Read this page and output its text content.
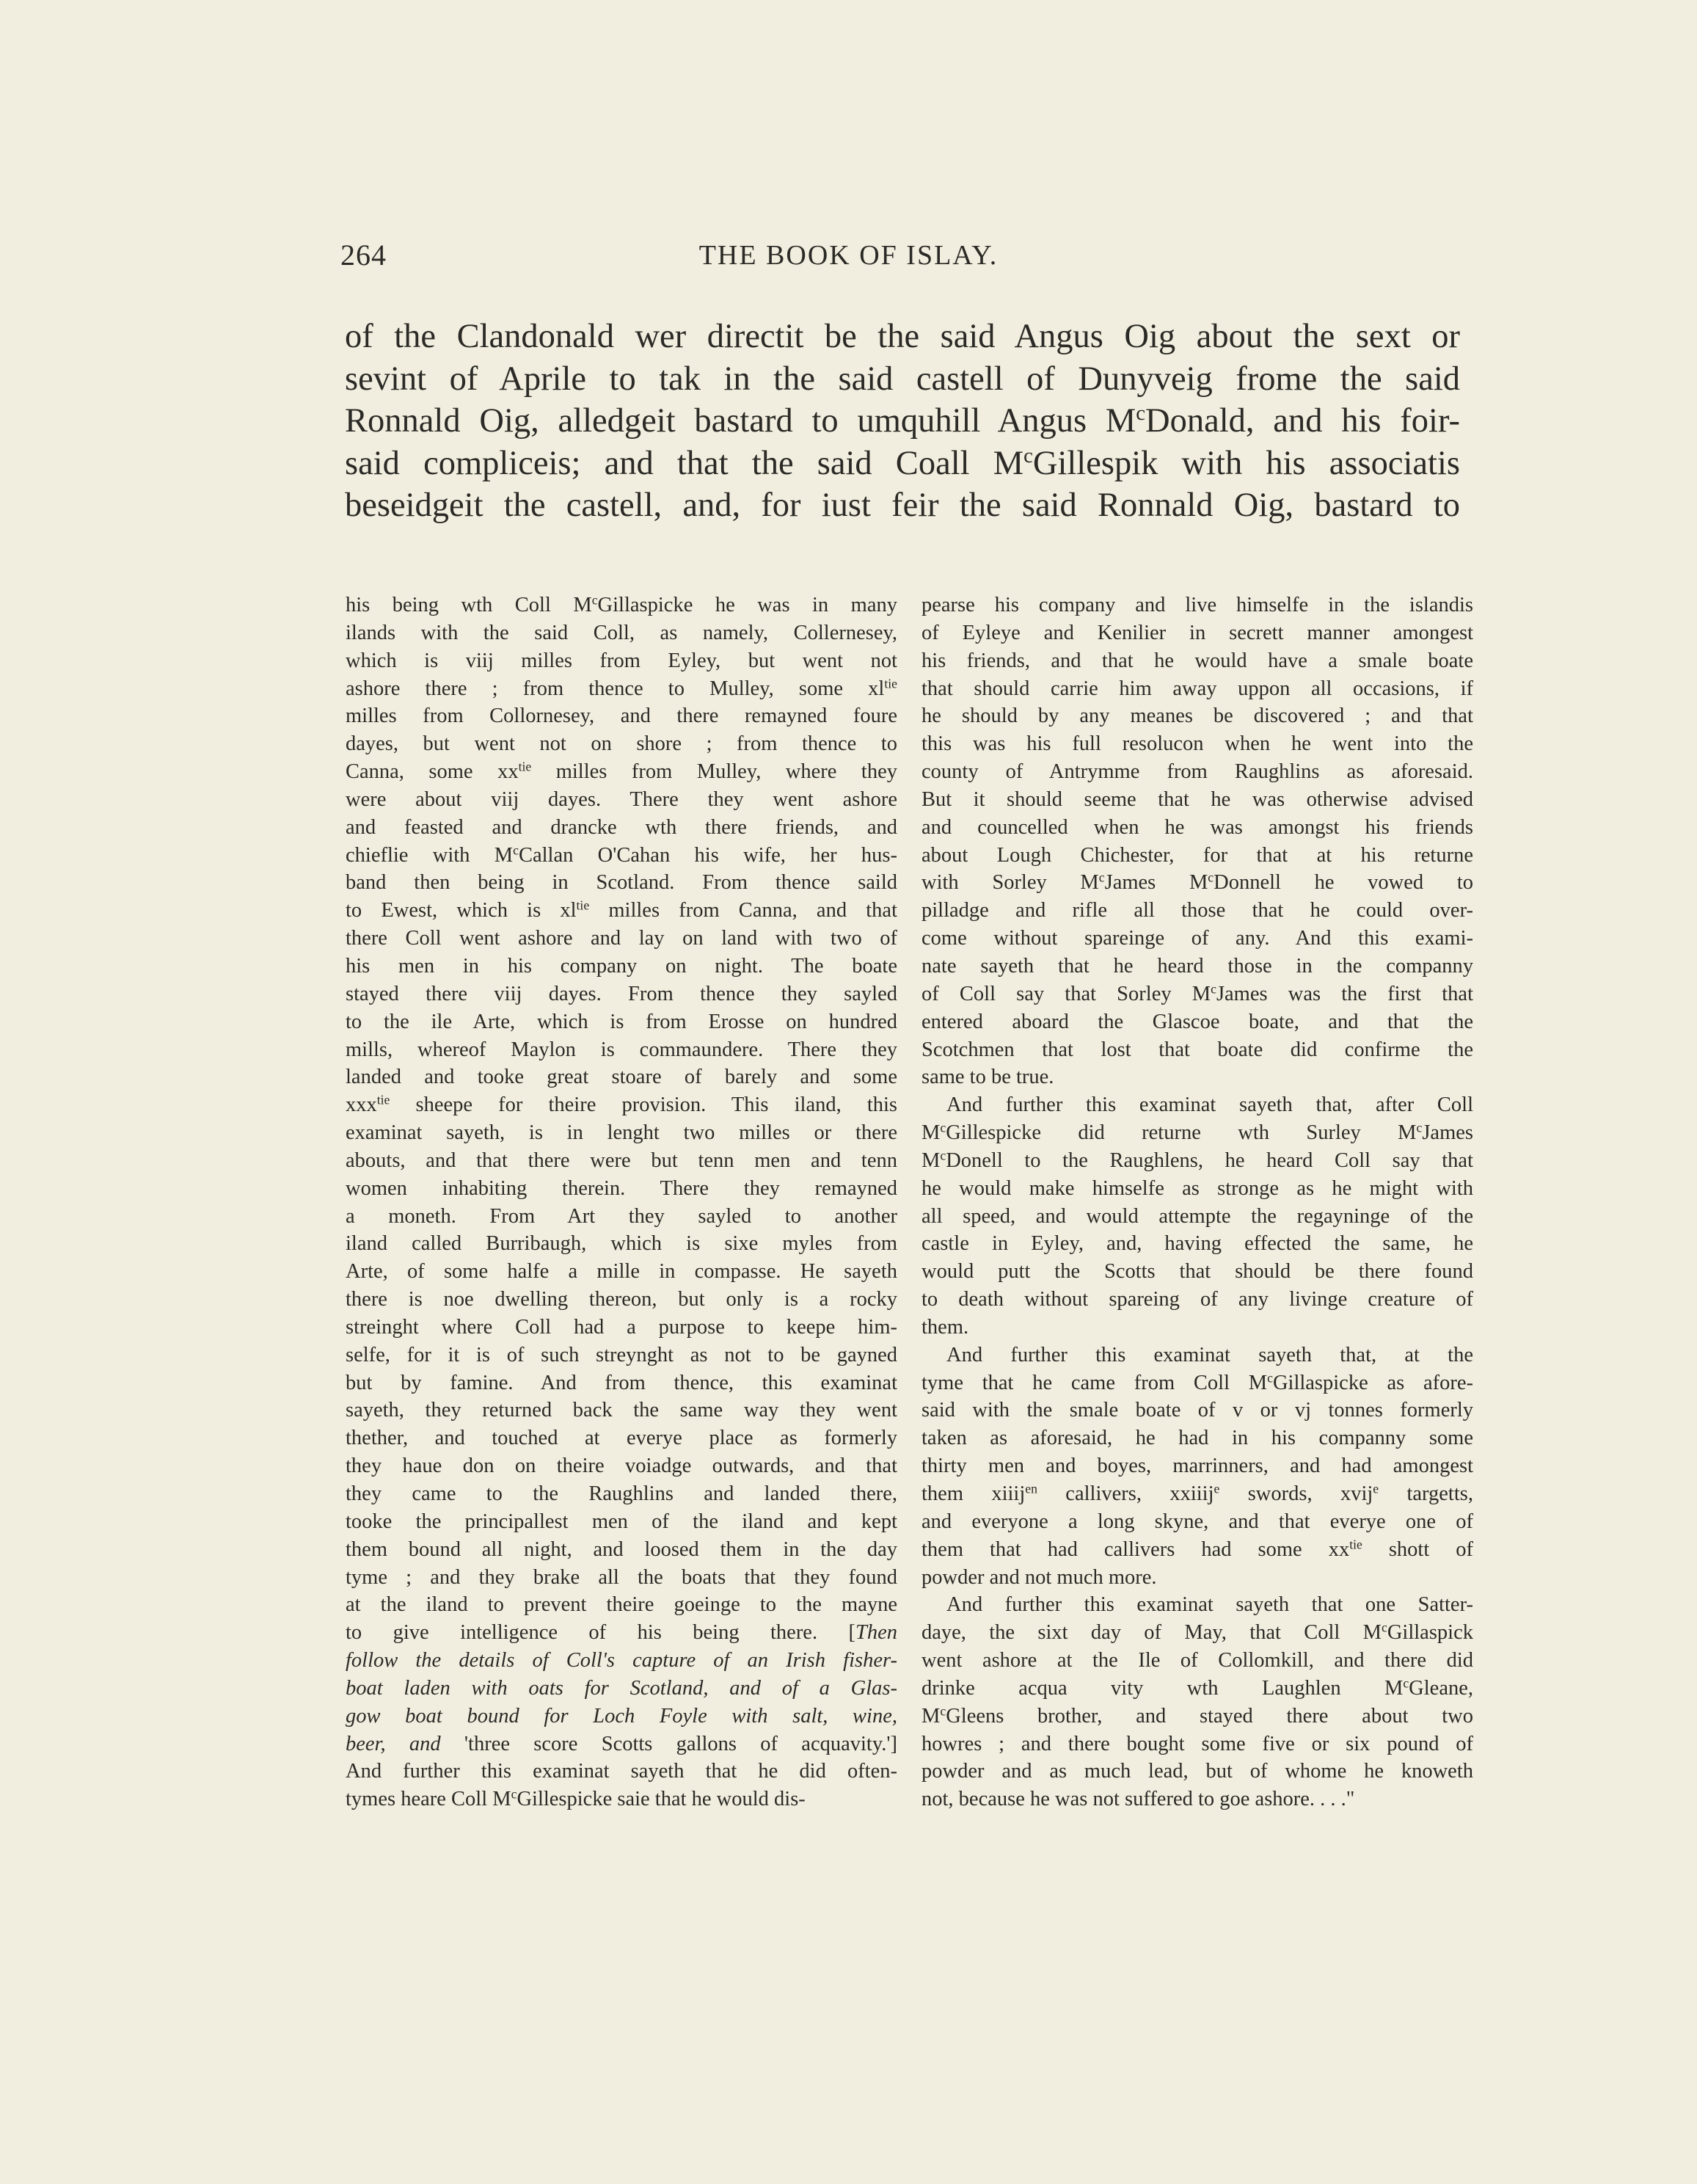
264	THE BOOK OF ISLAY.
of the Clandonald wer directit be the said Angus Oig about the sext or
sevint of Aprile to tak in the said castell of Dunyveig frome the said
Ronnald Oig, alledgeit bastard to umquhill Angus $M^cDonald$, and his foir-
said compliceis; and that the said Coall $M^cGillespik$ with his associatis
beseidgeit the castell, and, for iust feir the said Ronnald Oig, bastard to
his being wth Coll $M^cGillaspicke$ he was in many
ilands with the said Coll, as namely, Collernesey,
which is viij milles from Eyley, but went not
ashore there ; from thence to Mulley, some $xl^{tie}$
milles from Collornesey, and there remayned foure
dayes, but went not on shore ; from thence to
Canna, some $xx^{tie}$ milles from Mulley, where they
were about viij dayes. There they went ashore
and feasted and drancke wth there friends, and
chieflie with $M^cCallan$ O'Cahan his wife, her hus-
band then being in Scotland. From thence saild
to Ewest, which is $xl^{tie}$ milles from Canna, and that
there Coll went ashore and lay on land with two of
his men in his company on night. The boate
stayed there viij dayes. From thence they sayled
to the ile Arte, which is from Erosse on hundred
mills, whereof Maylon is commaundere. There they
landed and tooke great stoare of barely and some
xxx$^{tie}$ sheepe for theire provision. This iland, this
examinat sayeth, is in lenght two milles or there
abouts, and that there were but tenn men and tenn
women inhabiting therein. There they remayned
a moneth. From Art they sayled to another
iland called Burribaugh, which is sixe myles from
Arte, of some halfe a mille in compasse. He sayeth
there is noe dwelling thereon, but only is a rocky
streinght where Coll had a purpose to keepe him-
selfe, for it is of such streynght as not to be gayned
but by famine. And from thence, this examinat
sayeth, they returned back the same way they went
thether, and touched at everye place as formerly
they haue don on theire voiadge outwards, and that
they came to the Raughlins and landed there,
tooke the principallest men of the iland and kept
them bound all night, and loosed them in the day
tyme ; and they brake all the boats that they found
at the iland to prevent theire goeinge to the mayne
to give intelligence of his being there. [Then
follow the details of Coll's capture of an Irish fisher-
boat laden with oats for Scotland, and of a Glas-
gow boat bound for Loch Foyle with salt, wine,
beer, and 'three score Scotts gallons of acquavity.']
And further this examinat sayeth that he did often-
tymes heare Coll $M^cGillespicke$ saie that he would dis-
pearse his company and live himselfe in the islandis
of Eyleye and Kenilier in secrett manner amongest
his friends, and that he would have a smale boate
that should carrie him away uppon all occasions, if
he should by any meanes be discovered ; and that
this was his full resolucon when he went into the
county of Antrymme from Raughlins as aforesaid.
But it should seeme that he was otherwise advised
and councelled when he was amongst his friends
about Lough Chichester, for that at his returne
with Sorley $M^cJames$ $M^cDonnell$ he vowed to
pilladge and rifle all those that he could over-
come without spareinge of any. And this exami-
nate sayeth that he heard those in the companny
of Coll say that Sorley $M^cJames$ was the first that
entered aboard the Glascoe boate, and that the
Scotchmen that lost that boate did confirme the
same to be true.
And further this examinat sayeth that, after Coll
$M^cGillespicke$ did returne wth Surley $M^cJames$
$M^cDonell$ to the Raughlens, he heard Coll say that
he would make himselfe as stronge as he might with
all speed, and would attempte the regayninge of the
castle in Eyley, and, having effected the same, he
would putt the Scotts that should be there found
to death without spareing of any livinge creature of
them.
And further this examinat sayeth that, at the
tyme that he came from Coll $M^cGillaspicke$ as afore-
said with the smale boate of v or vj tonnes formerly
taken as aforesaid, he had in his companny some
thirty men and boyes, marrinners, and had amongest
them xiiij$^{en}$ callivers, xxiiij$^e$ swords, xvij$^e$ targetts,
and everyone a long skyne, and that everye one of
them that had callivers had some $xx^{tie}$ shott of
powder and not much more.
And further this examinat sayeth that one Satter-
daye, the sixt day of May, that Coll $M^cGillaspick$
went ashore at the Ile of Collomkill, and there did
drinke acqua vity wth Laughlen $M^cGleane$,
$M^cGleens$ brother, and stayed there about two
howres ; and there bought some five or six pound of
powder and as much lead, but of whome he knoweth
not, because he was not suffered to goe ashore. . . ."
